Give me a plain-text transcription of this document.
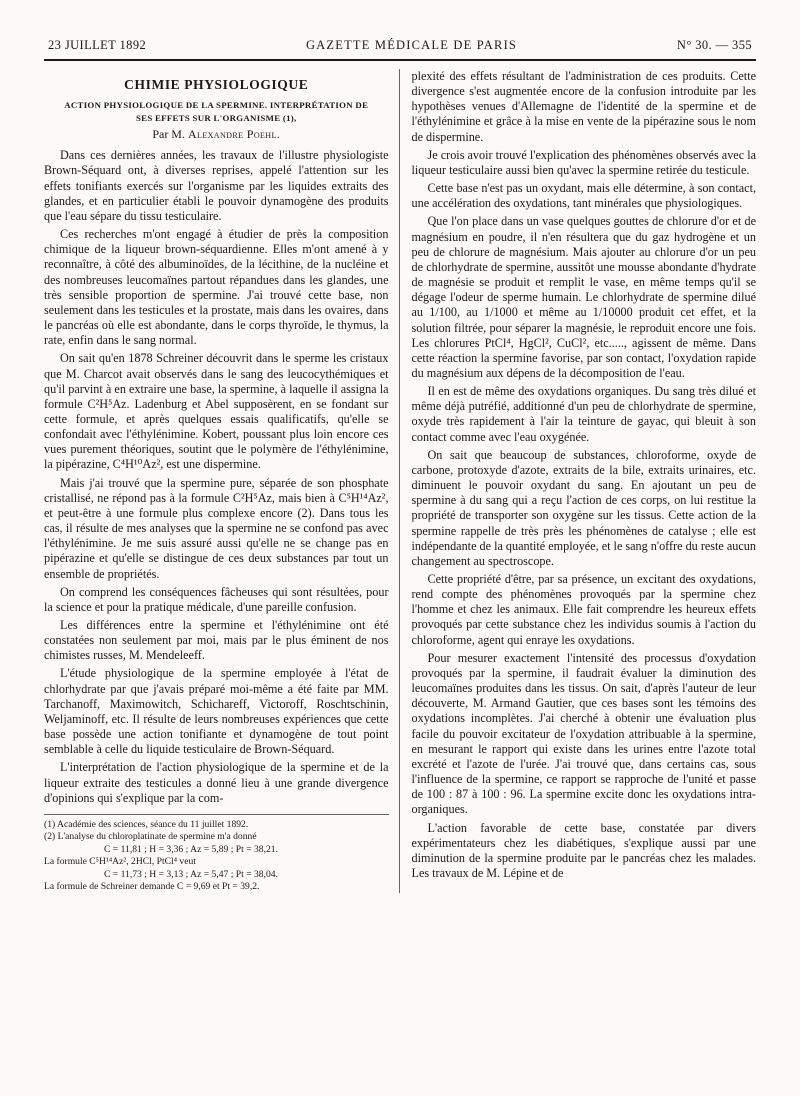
23 JUILLET 1892	GAZETTE MÉDICALE DE PARIS	N° 30. — 355
CHIMIE PHYSIOLOGIQUE
ACTION PHYSIOLOGIQUE DE LA SPERMINE. INTERPRÉTATION DE
SES EFFETS SUR L'ORGANISME (1),
Par M. Alexandre Poehl.

Dans ces dernières années, les travaux de l'illustre physiologiste Brown-Séquard ont, à diverses reprises, appelé l'attention sur les effets tonifiants exercés sur l'organisme par les liquides extraits des glandes, et en particulier établi le pouvoir dynamogène des produits que l'eau sépare du tissu testiculaire.

Ces recherches m'ont engagé à étudier de près la composition chimique de la liqueur brown-séquardienne. Elles m'ont amené à y reconnaître, à côté des albuminoïdes, de la lécithine, de la nucléine et des nombreuses leucomaïnes partout répandues dans les glandes, une très sensible proportion de spermine. J'ai trouvé cette base, non seulement dans les testicules et la prostate, mais dans les ovaires, dans le pancréas où elle est abondante, dans le corps thyroïde, le thymus, la rate, enfin dans le sang normal.

On sait qu'en 1878 Schreiner découvrit dans le sperme les cristaux que M. Charcot avait observés dans le sang des leucocythémiques et qu'il parvint à en extraire une base, la spermine, à laquelle il assigna la formule C²H⁵Az. Ladenburg et Abel supposèrent, en se fondant sur cette formule, et après quelques essais qualificatifs, qu'elle se confondait avec l'éthylénimine. Kobert, poussant plus loin encore ces vues purement théoriques, soutint que le polymère de l'éthylénimine, la pipérazine, C⁴H¹⁰Az², est une dispermine.

Mais j'ai trouvé que la spermine pure, séparée de son phosphate cristallisé, ne répond pas à la formule C²H⁵Az, mais bien à C⁵H¹⁴Az², et peut-être à une formule plus complexe encore (2). Dans tous les cas, il résulte de mes analyses que la spermine ne se confond pas avec l'éthylénimine. Je me suis assuré aussi qu'elle ne se change pas en pipérazine et qu'elle se distingue de ces deux substances par tout un ensemble de propriétés.

On comprend les conséquences fâcheuses qui sont résultées, pour la science et pour la pratique médicale, d'une pareille confusion.

Les différences entre la spermine et l'éthylénimine ont été constatées non seulement par moi, mais par le plus éminent de nos chimistes russes, M. Mendeleeff.

L'étude physiologique de la spermine employée à l'état de chlorhydrate par que j'avais préparé moi-même a été faite par MM. Tarchanoff, Maximowitch, Schichareff, Victoroff, Roschtschinin, Weljaminoff, etc. Il résulte de leurs nombreuses expériences que cette base possède une action tonifiante et dynamogène de tout point semblable à celle du liquide testiculaire de Brown-Séquard.

L'interprétation de l'action physiologique de la spermine et de la liqueur extraite des testicules a donné lieu à une grande divergence d'opinions qui s'explique par la com-

(1) Académie des sciences, séance du 11 juillet 1892.
(2) L'analyse du chloroplatinate de spermine m'a donné
C = 11,81 ; H = 3,36 ; Az = 5,89 ; Pt = 38,21.
La formule C⁵H¹⁴Az², 2HCl, PtCl⁴ veut
C = 11,73 ; H = 3,13 ; Az = 5,47 ; Pt = 38,04.
La formule de Schreiner demande C = 9,69 et Pt = 39,2.

plexité des effets résultant de l'administration de ces produits. Cette divergence s'est augmentée encore de la confusion introduite par les hypothèses venues d'Allemagne de l'identité de la spermine et de l'éthylénimine et grâce à la mise en vente de la pipérazine sous le nom de dispermine.

Je crois avoir trouvé l'explication des phénomènes observés avec la liqueur testiculaire aussi bien qu'avec la spermine retirée du testicule.

Cette base n'est pas un oxydant, mais elle détermine, à son contact, une accélération des oxydations, tant minérales que physiologiques.

Que l'on place dans un vase quelques gouttes de chlorure d'or et de magnésium en poudre, il n'en résultera que du gaz hydrogène et un peu de chlorure de magnésium. Mais ajouter au chlorure d'or un peu de chlorhydrate de spermine, aussitôt une mousse abondante d'hydrate de magnésie se produit et remplit le vase, en même temps qu'il se dégage l'odeur de sperme humain. Le chlorhydrate de spermine dilué au 1/100, au 1/1000 et même au 1/10000 produit cet effet, et la solution filtrée, pour séparer la magnésie, le reproduit encore une fois. Les chlorures PtCl⁴, HgCl², CuCl², etc....., agissent de même. Dans cette réaction la spermine favorise, par son contact, l'oxydation rapide du magnésium aux dépens de la décomposition de l'eau.

Il en est de même des oxydations organiques. Du sang très dilué et même déjà putréfié, additionné d'un peu de chlorhydrate de spermine, oxyde très rapidement à l'air la teinture de gayac, qui bleuit à son contact comme avec l'eau oxygénée.

On sait que beaucoup de substances, chloroforme, oxyde de carbone, protoxyde d'azote, extraits de la bile, extraits urinaires, etc. diminuent le pouvoir oxydant du sang. En ajoutant un peu de spermine à du sang qui a reçu l'action de ces corps, on lui restitue la propriété de transporter son oxygène sur les tissus. Cette action de la spermine rappelle de très près les phénomènes de catalyse ; elle est indépendante de la quantité employée, et le sang n'offre du reste aucun changement au spectroscope.

Cette propriété d'être, par sa présence, un excitant des oxydations, rend compte des phénomènes provoqués par la spermine chez l'homme et chez les animaux. Elle fait comprendre les heureux effets provoqués par cette substance chez les individus soumis à l'action du chloroforme, agent qui enraye les oxydations.

Pour mesurer exactement l'intensité des processus d'oxydation provoqués par la spermine, il faudrait évaluer la diminution des leucomaïnes produites dans les tissus. On sait, d'après l'auteur de leur découverte, M. Armand Gautier, que ces bases sont les témoins des oxydations incomplètes. J'ai cherché à obtenir une évaluation plus facile du pouvoir excitateur de l'oxydation attribuable à la spermine, en mesurant le rapport qui existe dans les urines entre l'azote total excrété et l'azote de l'urée. J'ai trouvé que, dans certains cas, sous l'influence de la spermine, ce rapport se rapproche de l'unité et passe de 100 : 87 à 100 : 96. La spermine excite donc les oxydations intra-organiques.

L'action favorable de cette base, constatée par divers expérimentateurs chez les diabétiques, s'explique aussi par une diminution de la spermine produite par le pancréas chez les malades. Les travaux de M. Lépine et de
